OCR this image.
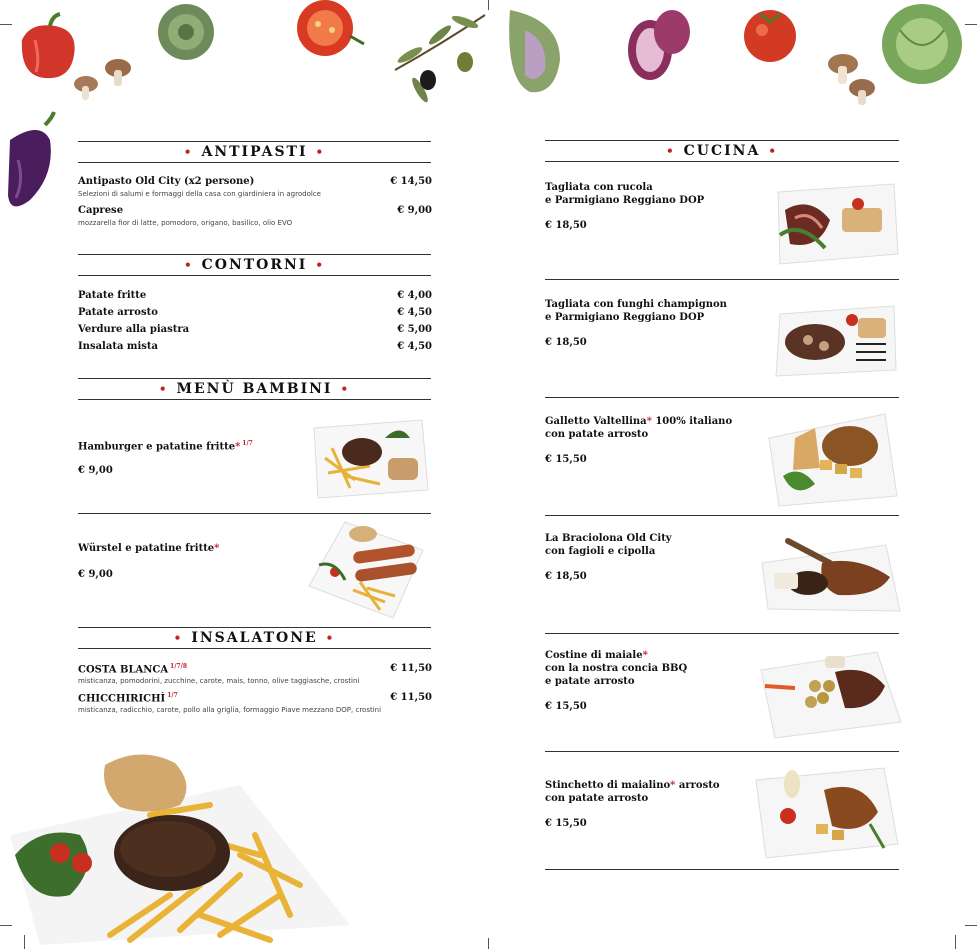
• ANTIPASTI •
Antipasto Old City (x2 persone)
Selezioni di salumi e formaggi della casa con giardiniera in agrodolce
€ 14,50
Caprese
mozzarella fior di latte, pomodoro, origano, basilico, olio EVO
€ 9,00
• CONTORNI •
Patate fritte	€ 4,00
Patate arrosto	€ 4,50
Verdure alla piastra	€ 5,00
Insalata mista	€ 4,50
• MENÙ BAMBINI •
Hamburger e patatine fritte* $^{1/7}$
€ 9,00
Würstel e patatine fritte*
€ 9,00
• INSALATONE •
COSTA BLANCA $^{1/7/8}$
misticanza, pomodorini, zucchine, carote, mais, tonno, olive taggiasche, crostini
€ 11,50
CHICCHIRICHÌ $^{1/7}$
misticanza, radicchio, carote, pollo alla griglia, formaggio Piave mezzano DOP, crostini
€ 11,50
• CUCINA •
Tagliata con rucola
e Parmigiano Reggiano DOP
€ 18,50
Tagliata con funghi champignon
e Parmigiano Reggiano DOP
€ 18,50
Galletto Valtellina* 100% italiano
con patate arrosto
€ 15,50
La Braciolona Old City
con fagioli e cipolla
€ 18,50
Costine di maiale*
con la nostra concia BBQ
e patate arrosto
€ 15,50
Stinchetto di maialino* arrosto
con patate arrosto
€ 15,50
